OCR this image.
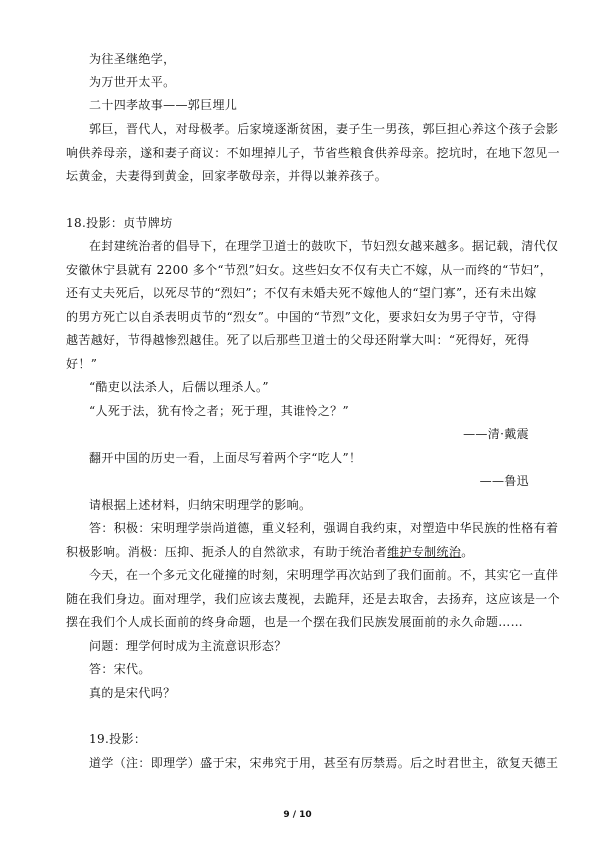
为往圣继绝学，
为万世开太平。
二十四孝故事——郭巨埋儿
郭巨，晋代人，对母极孝。后家境逐渐贫困，妻子生一男孩，郭巨担心养这个孩子会影
响供养母亲，遂和妻子商议：不如埋掉儿子，节省些粮食供养母亲。挖坑时，在地下忽见一
坛黄金，夫妻得到黄金，回家孝敬母亲，并得以兼养孩子。
18.投影：贞节牌坊
在封建统治者的倡导下，在理学卫道士的鼓吹下，节妇烈女越来越多。据记载，清代仅
安徽休宁县就有 2200 多个“节烈”妇女。这些妇女不仅有夫亡不嫁，从一而终的“节妇”，
还有丈夫死后，以死尽节的“烈妇”；不仅有未婚夫死不嫁他人的“望门寡”，还有未出嫁
的男方死亡以自杀表明贞节的“烈女”。中国的“节烈”文化，要求妇女为男子守节，守得
越苦越好，节得越惨烈越佳。死了以后那些卫道士的父母还附掌大叫：“死得好，死得
好！”
“酷吏以法杀人，后儒以理杀人。”
“人死于法，犹有怜之者；死于理，其谁怜之？”
——清·戴震
翻开中国的历史一看，上面尽写着两个字“吃人”！
——鲁迅
请根据上述材料，归纳宋明理学的影响。
答：积极：宋明理学崇尚道德，重义轻利，强调自我约束，对塑造中华民族的性格有着
积极影响。消极：压抑、扼杀人的自然欲求，有助于统治者维护专制统治。
今天，在一个多元文化碰撞的时刻，宋明理学再次站到了我们面前。不，其实它一直伴
随在我们身边。面对理学，我们应该去蔑视，去跪拜，还是去取舍，去扬弃，这应该是一个
摆在我们个人成长面前的终身命题，也是一个摆在我们民族发展面前的永久命题……
问题：理学何时成为主流意识形态？
答：宋代。
真的是宋代吗？
19.投影：
道学（注：即理学）盛于宋，宋弗究于用，甚至有厉禁焉。后之时君世主，欲复天德王
9 / 10
